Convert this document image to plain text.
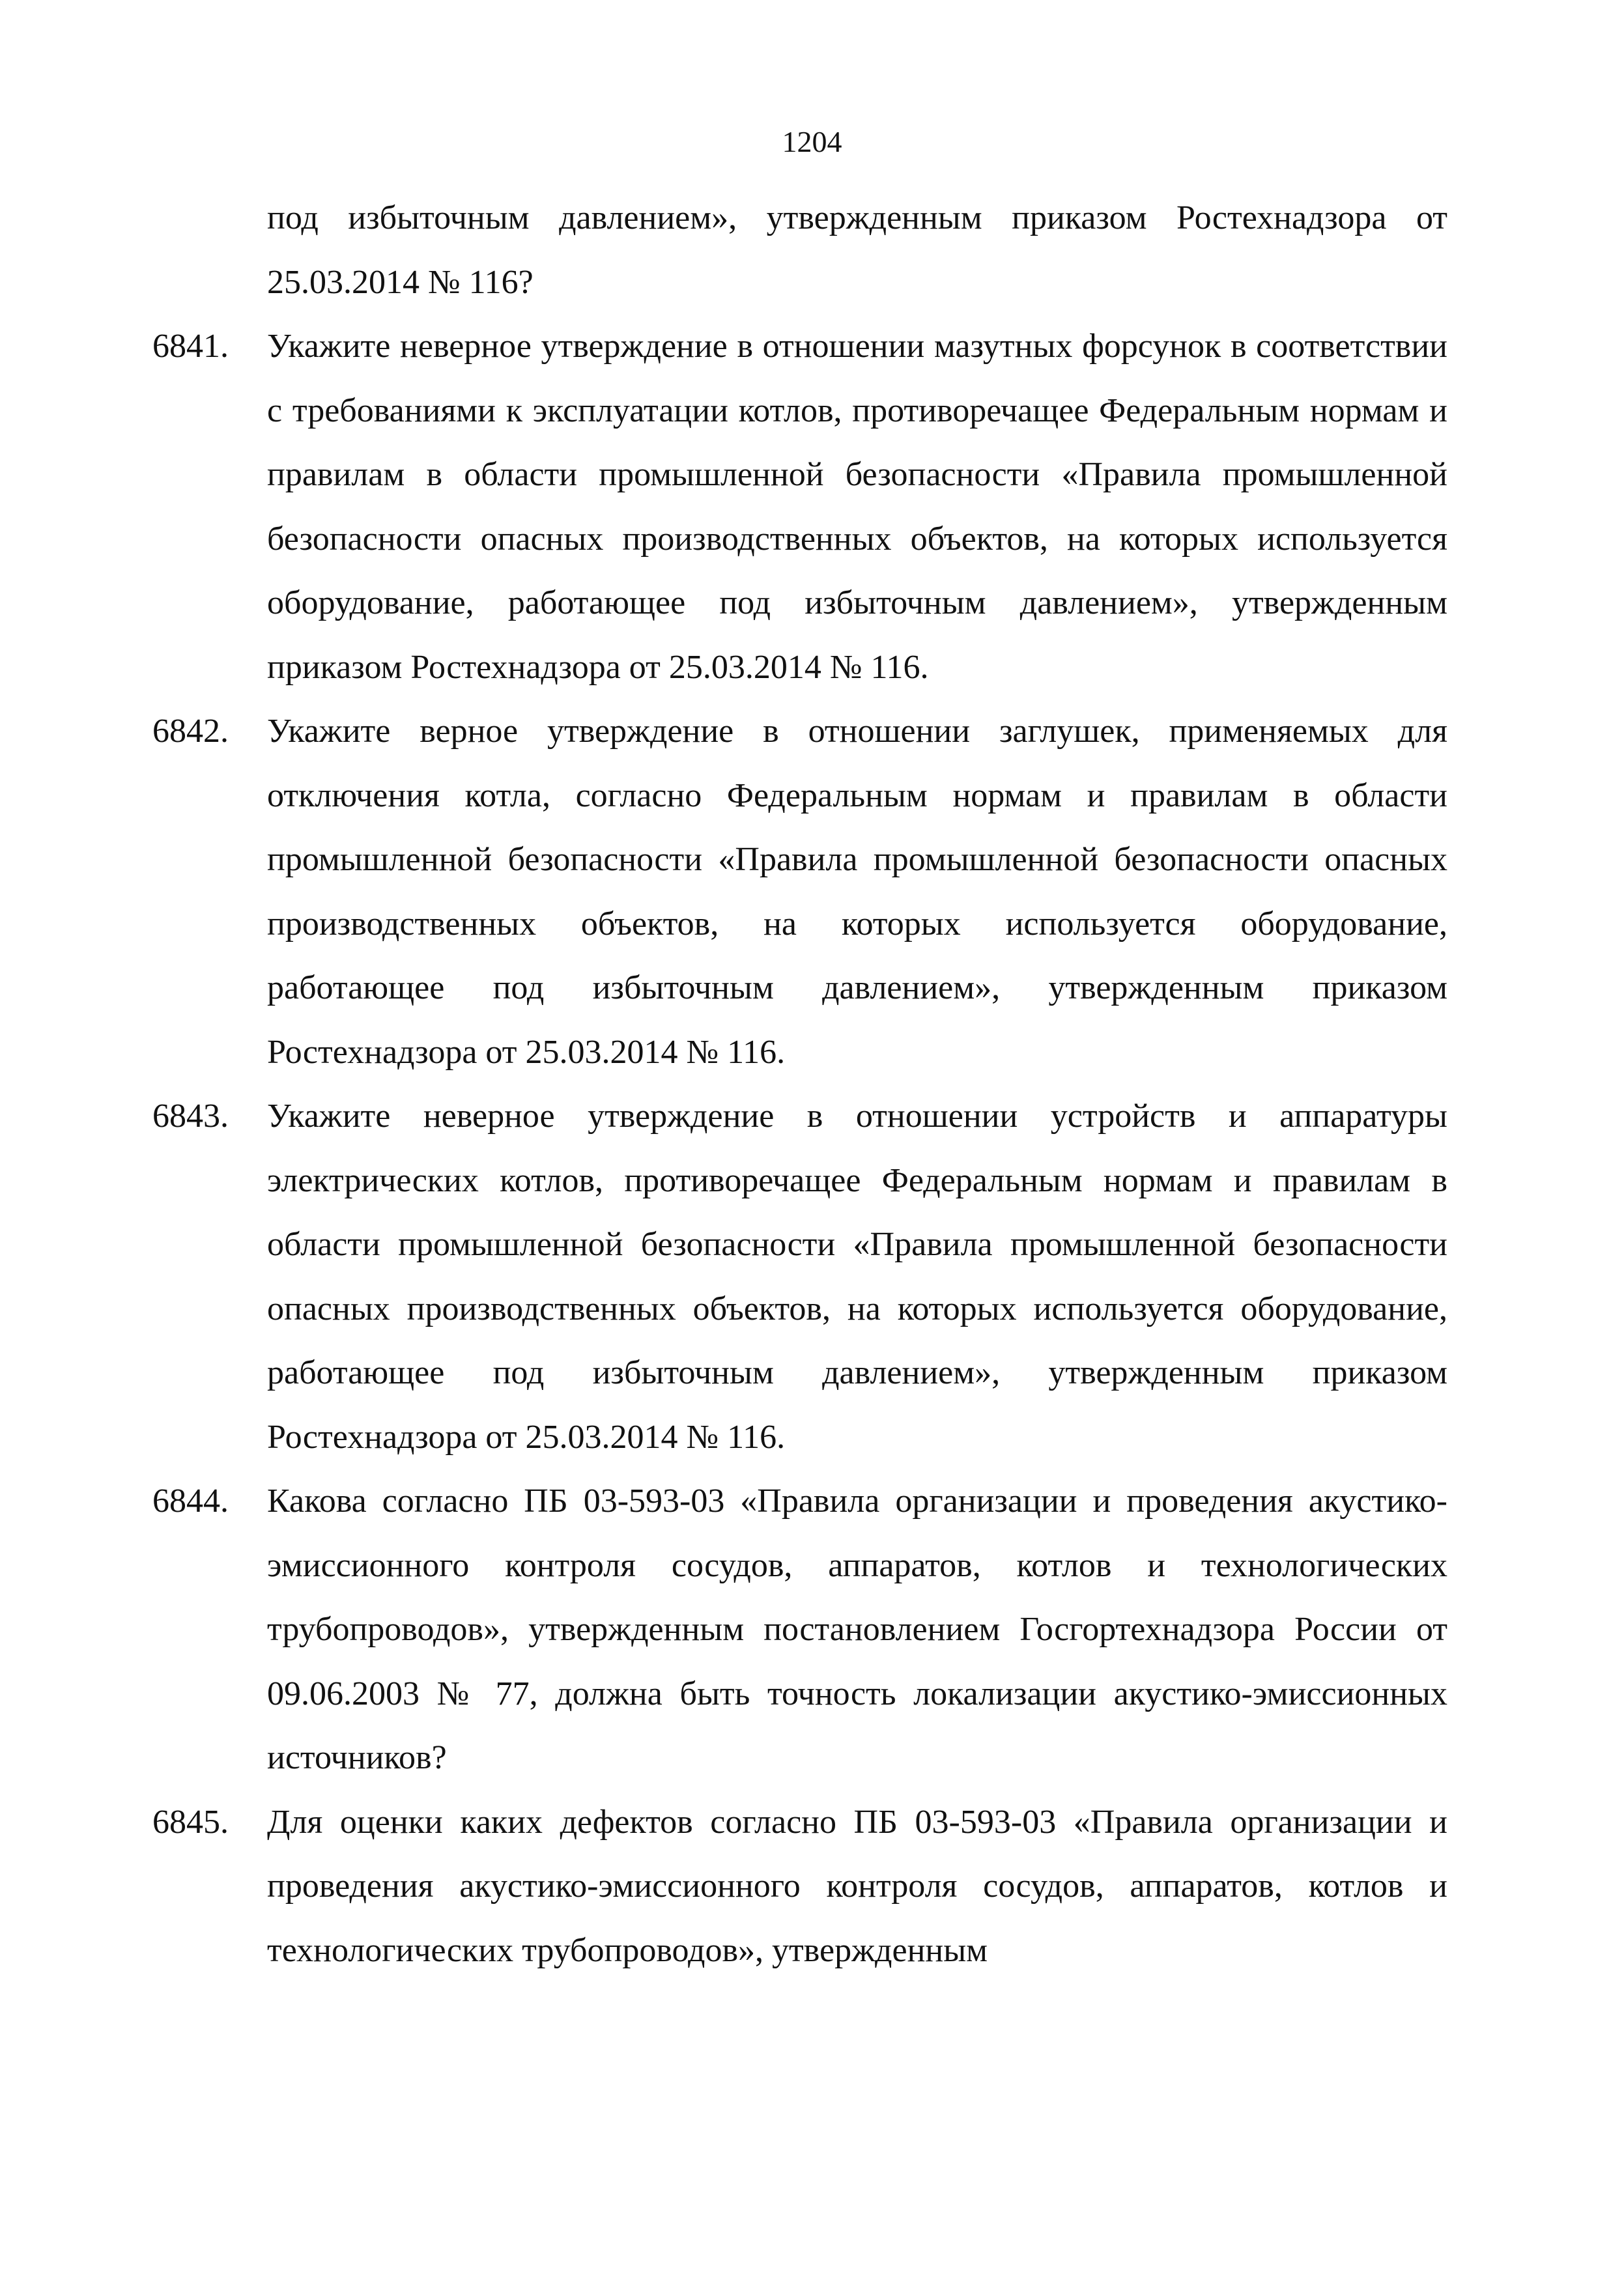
1204
под избыточным давлением», утвержденным приказом Ростехнадзора от 25.03.2014 № 116?
6841.	Укажите неверное утверждение в отношении мазутных форсунок в соответствии с требованиями к эксплуатации котлов, противоречащее Федеральным нормам и правилам в области промышленной безопасности «Правила промышленной безопасности опасных производственных объектов, на которых используется оборудование, работающее под избыточным давлением», утвержденным приказом Ростехнадзора от 25.03.2014 № 116.
6842.	Укажите верное утверждение в отношении заглушек, применяемых для отключения котла, согласно Федеральным нормам и правилам в области промышленной безопасности «Правила промышленной безопасности опасных производственных объектов, на которых используется оборудование, работающее под избыточным давлением», утвержденным приказом Ростехнадзора от 25.03.2014 № 116.
6843.	Укажите неверное утверждение в отношении устройств и аппаратуры электрических котлов, противоречащее Федеральным нормам и правилам в области промышленной безопасности «Правила промышленной безопасности опасных производственных объектов, на которых используется оборудование, работающее под избыточным давлением», утвержденным приказом Ростехнадзора от 25.03.2014 № 116.
6844.	Какова согласно ПБ 03-593-03 «Правила организации и проведения акустико-эмиссионного контроля сосудов, аппаратов, котлов и технологических трубопроводов», утвержденным постановлением Госгортехнадзора России от 09.06.2003 № 77, должна быть точность локализации акустико-эмиссионных источников?
6845.	Для оценки каких дефектов согласно ПБ 03-593-03 «Правила организации и проведения акустико-эмиссионного контроля сосудов, аппаратов, котлов и технологических трубопроводов», утвержденным
